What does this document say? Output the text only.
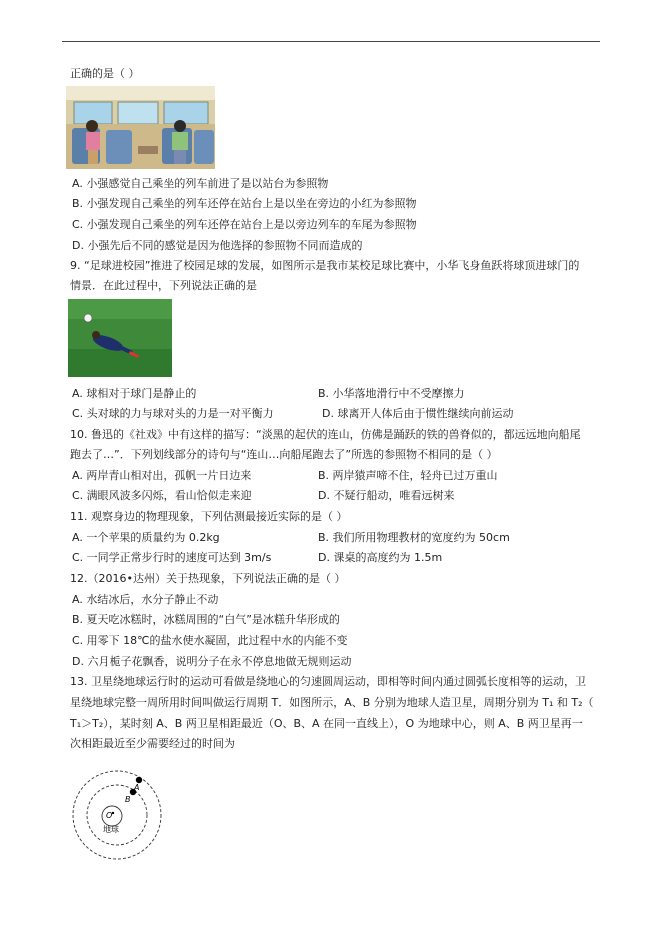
正确的是（ ）
A. 小强感觉自己乘坐的列车前进了是以站台为参照物
B. 小强发现自己乘坐的列车还停在站台上是以坐在旁边的小红为参照物
C. 小强发现自己乘坐的列车还停在站台上是以旁边列车的车尾为参照物
D. 小强先后不同的感觉是因为他选择的参照物不同而造成的
9. “足球进校园”推进了校园足球的发展，如图所示是我市某校足球比赛中，小华飞身鱼跃将球顶进球门的
情景．在此过程中，下列说法正确的是
A. 球相对于球门是静止的	B. 小华落地滑行中不受摩擦力
C. 头对球的力与球对头的力是一对平衡力	D. 球离开人体后由于惯性继续向前运动
10. 鲁迅的《社戏》中有这样的描写：“淡黑的起伏的连山，仿佛是踊跃的铁的兽脊似的，都远远地向船尾
跑去了…”．下列划线部分的诗句与“连山…向船尾跑去了”所选的参照物不相同的是（ ）
A. 两岸青山相对出，孤帆一片日边来	B. 两岸猿声啼不住，轻舟已过万重山
C. 满眼风波多闪烁，看山恰似走来迎	D. 不疑行船动，唯看远树来
11. 观察身边的物理现象，下列估测最接近实际的是（ ）
A. 一个苹果的质量约为 0.2kg	B. 我们所用物理教材的宽度约为 50cm
C. 一同学正常步行时的速度可达到 3m/s	D. 课桌的高度约为 1.5m
12.（2016•达州）关于热现象，下列说法正确的是（ ）
A. 水结冰后，水分子静止不动
B. 夏天吃冰糕时，冰糕周围的“白气”是冰糕升华形成的
C. 用零下 18℃的盐水使水凝固，此过程中水的内能不变
D. 六月栀子花飘香，说明分子在永不停息地做无规则运动
13. 卫星绕地球运行时的运动可看做是绕地心的匀速圆周运动，即相等时间内通过圆弧长度相等的运动，卫
星绕地球完整一周所用时间叫做运行周期 T．如图所示，A、B 分别为地球人造卫星，周期分别为 T₁ 和 T₂（
T₁＞T₂），某时刻 A、B 两卫星相距最近（O、B、A 在同一直线上），O 为地球中心，则 A、B 两卫星再一
次相距最近至少需要经过的时间为
A
B
O
地球
